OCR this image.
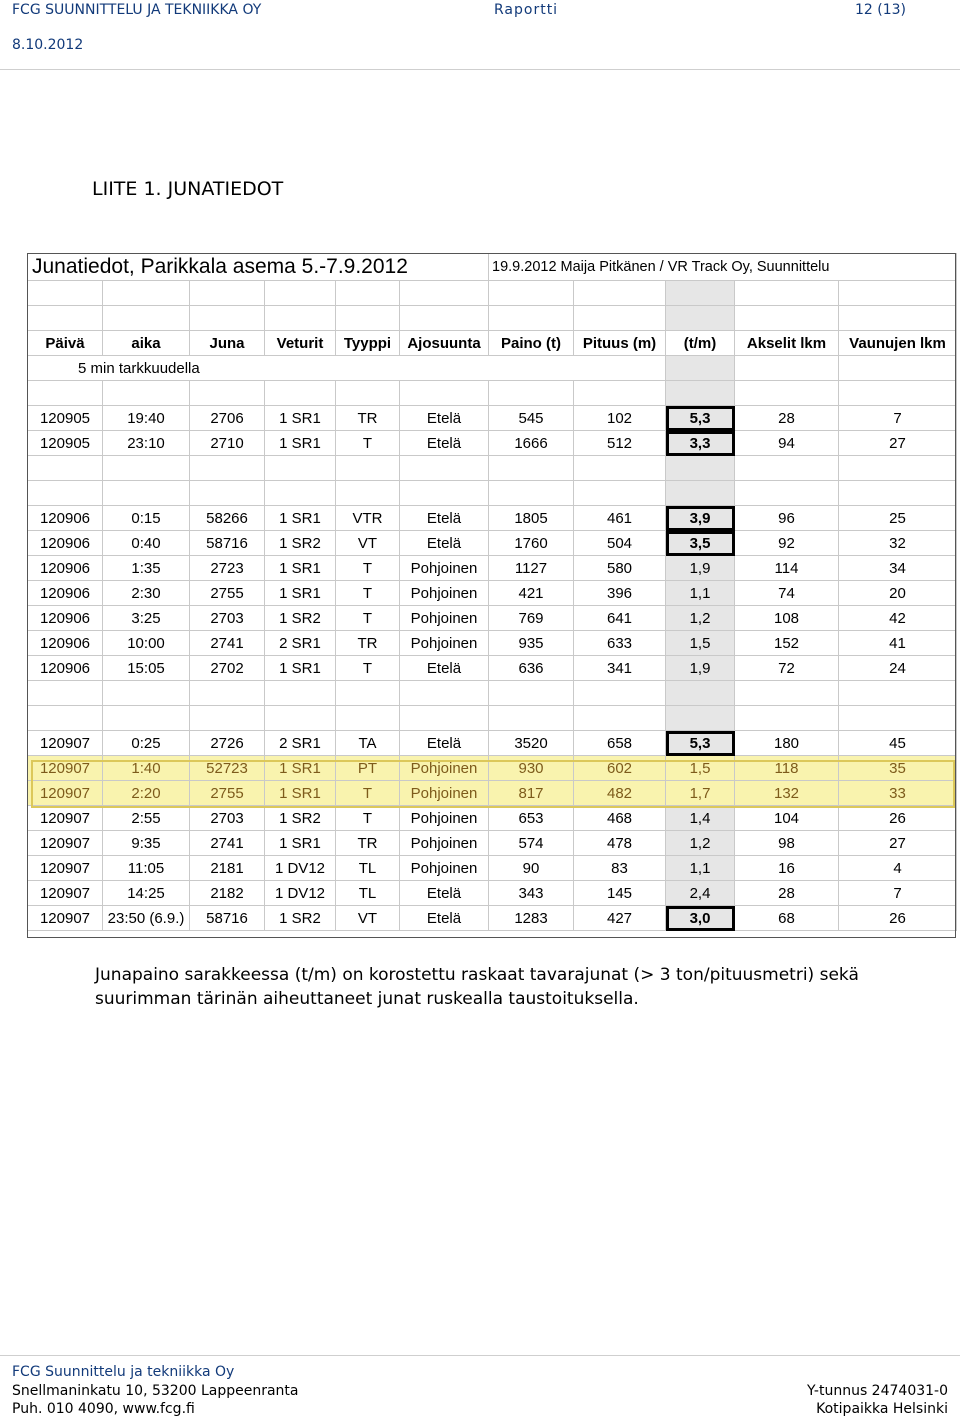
FCG SUUNNITTELU JA TEKNIIKKA OY	Raportti	12 (13)
8.10.2012
LIITE 1. JUNATIEDOT
Junatiedot, Parikkala asema 5.-7.9.2012						19.9.2012 Maija Pitkänen / VR Track Oy, Suunnittelu				

Päivä	aika	Juna	Veturit	Tyyppi	Ajosuunta	Paino (t)	Pituus (m)	(t/m)	Akselit lkm	Vaunujen lkm
5 min tarkkuudella										

120905	19:40	2706	1 SR1	TR	Etelä	545	102	5,3	28	7
120905	23:10	2710	1 SR1	T	Etelä	1666	512	3,3	94	27

120906	0:15	58266	1 SR1	VTR	Etelä	1805	461	3,9	96	25
120906	0:40	58716	1 SR2	VT	Etelä	1760	504	3,5	92	32
120906	1:35	2723	1 SR1	T	Pohjoinen	1127	580	1,9	114	34
120906	2:30	2755	1 SR1	T	Pohjoinen	421	396	1,1	74	20
120906	3:25	2703	1 SR2	T	Pohjoinen	769	641	1,2	108	42
120906	10:00	2741	2 SR1	TR	Pohjoinen	935	633	1,5	152	41
120906	15:05	2702	1 SR1	T	Etelä	636	341	1,9	72	24

120907	0:25	2726	2 SR1	TA	Etelä	3520	658	5,3	180	45
120907	1:40	52723	1 SR1	PT	Pohjoinen	930	602	1,5	118	35
120907	2:20	2755	1 SR1	T	Pohjoinen	817	482	1,7	132	33
120907	2:55	2703	1 SR2	T	Pohjoinen	653	468	1,4	104	26
120907	9:35	2741	1 SR1	TR	Pohjoinen	574	478	1,2	98	27
120907	11:05	2181	1 DV12	TL	Pohjoinen	90	83	1,1	16	4
120907	14:25	2182	1 DV12	TL	Etelä	343	145	2,4	28	7
120907	23:50 (6.9.)	58716	1 SR2	VT	Etelä	1283	427	3,0	68	26
Junapaino sarakkeessa (t/m) on korostettu raskaat tavarajunat (> 3 ton/pituusmetri) sekä suurimman tärinän aiheuttaneet junat ruskealla taustoituksella.
FCG Suunnittelu ja tekniikka Oy
Snellmaninkatu 10, 53200 Lappeenranta
Puh. 010 4090, www.fcg.fi
Y-tunnus 2474031-0
Kotipaikka Helsinki
